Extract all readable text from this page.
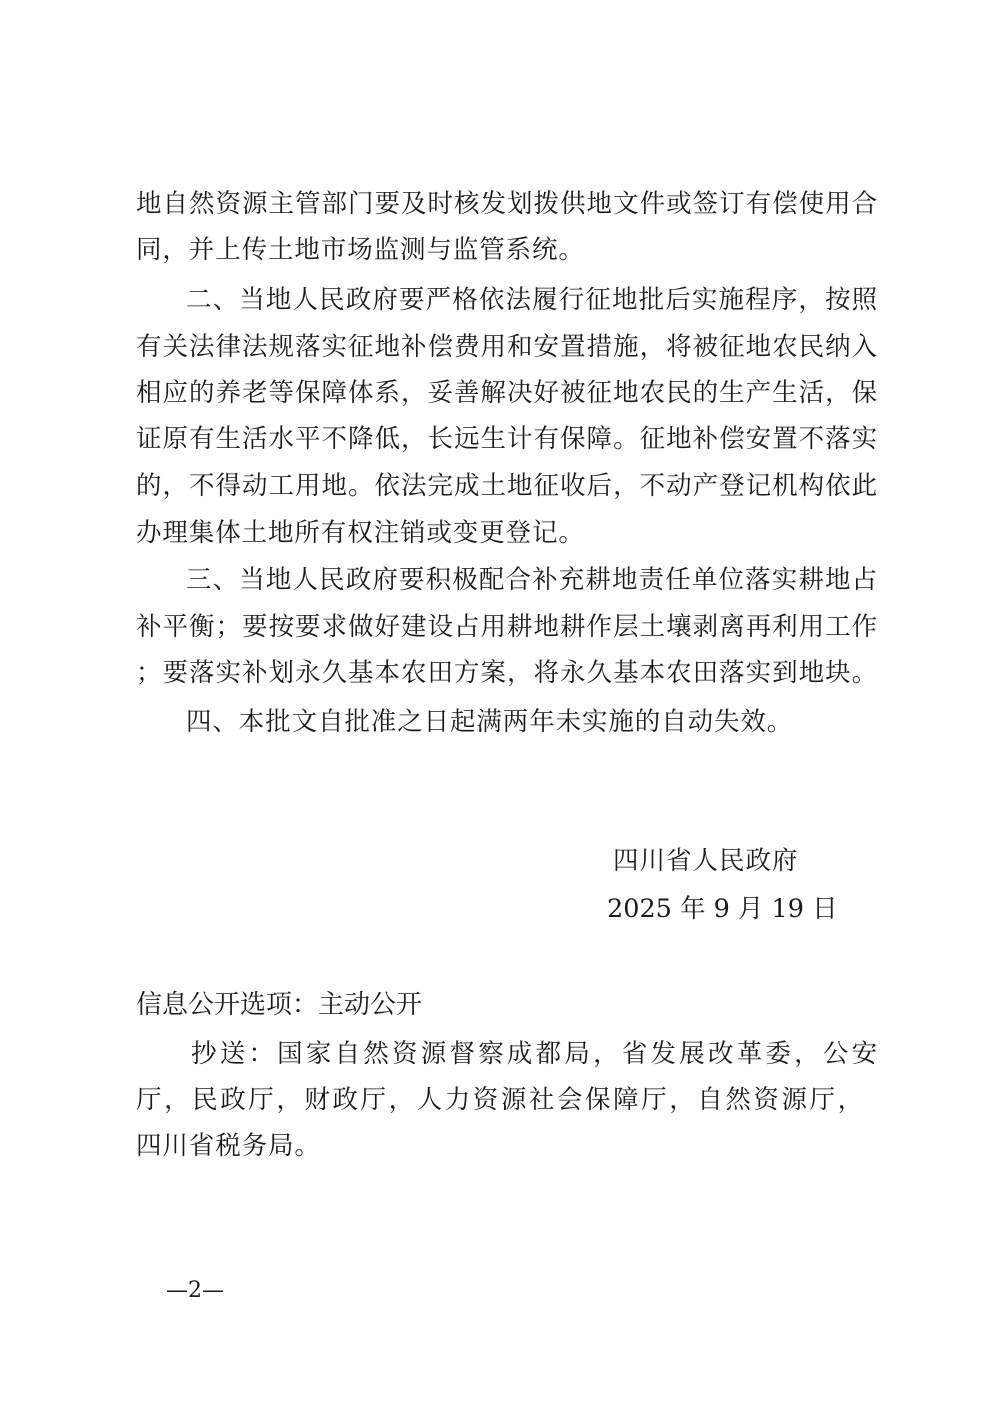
地自然资源主管部门要及时核发划拨供地文件或签订有偿使用合
同，并上传土地市场监测与监管系统。
二、当地人民政府要严格依法履行征地批后实施程序，按照
有关法律法规落实征地补偿费用和安置措施，将被征地农民纳入
相应的养老等保障体系，妥善解决好被征地农民的生产生活，保
证原有生活水平不降低，长远生计有保障。征地补偿安置不落实
的，不得动工用地。依法完成土地征收后，不动产登记机构依此
办理集体土地所有权注销或变更登记。
三、当地人民政府要积极配合补充耕地责任单位落实耕地占
补平衡；要按要求做好建设占用耕地耕作层土壤剥离再利用工作
；要落实补划永久基本农田方案，将永久基本农田落实到地块。
四、本批文自批准之日起满两年未实施的自动失效。
四川省人民政府
2025 年 9 月 19 日
信息公开选项：主动公开
抄送：国家自然资源督察成都局，省发展改革委，公安
厅，民政厅，财政厅，人力资源社会保障厅，自然资源厅，
四川省税务局。
—2—
